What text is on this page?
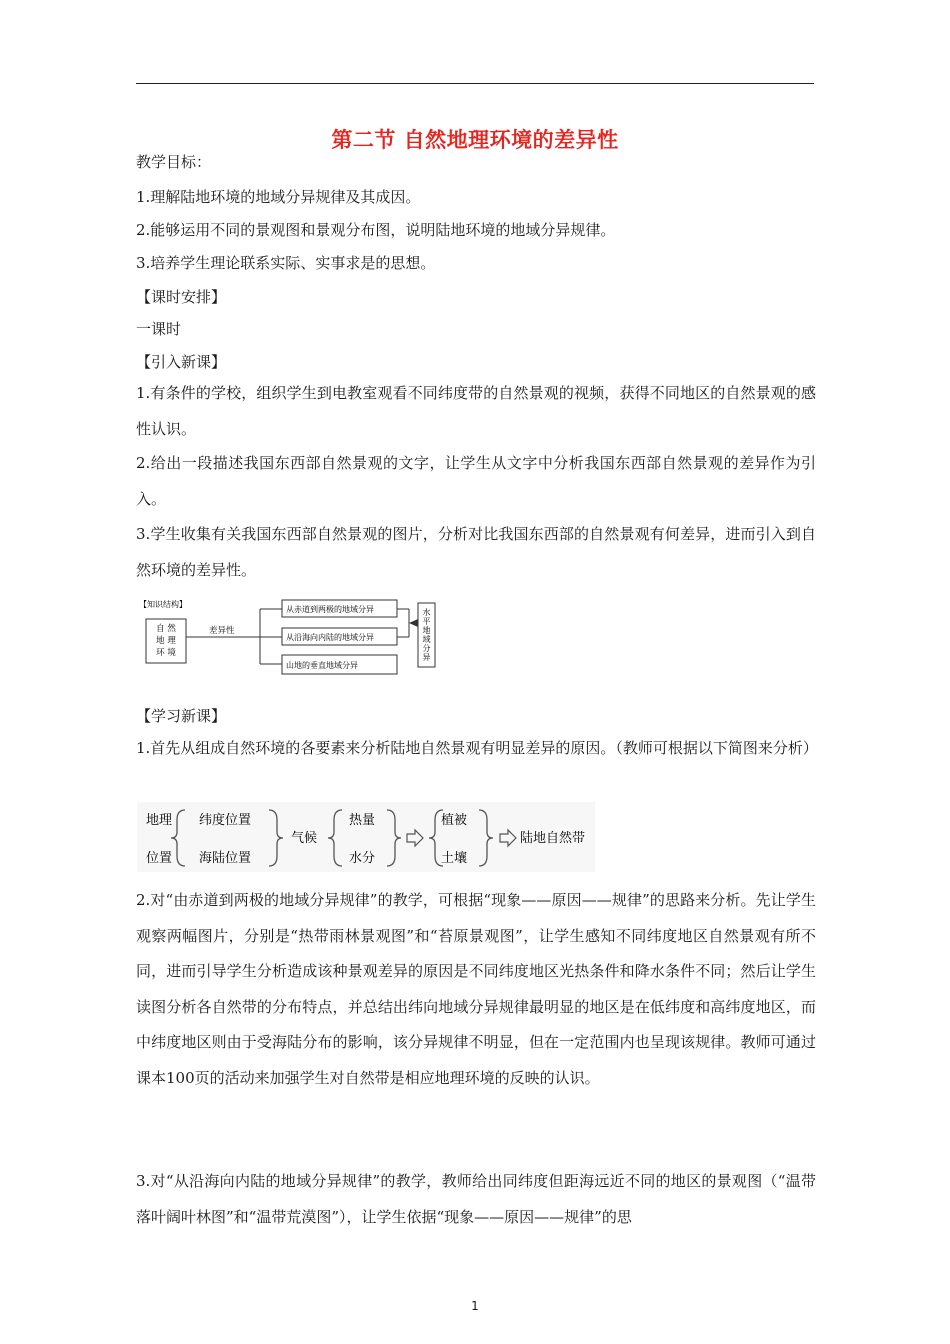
第二节 自然地理环境的差异性
教学目标：
1.理解陆地环境的地域分异规律及其成因。
2.能够运用不同的景观图和景观分布图，说明陆地环境的地域分异规律。
3.培养学生理论联系实际、实事求是的思想。
【课时安排】
一课时
【引入新课】
1.有条件的学校，组织学生到电教室观看不同纬度带的自然景观的视频，获得不同地区的自然景观的感性认识。
2.给出一段描述我国东西部自然景观的文字，让学生从文字中分析我国东西部自然景观的差异作为引入。
3.学生收集有关我国东西部自然景观的图片，分析对比我国东西部的自然景观有何差异，进而引入到自然环境的差异性。
【知识结构】
自 然
地 理
环 境
差异性
从赤道到两极的地域分异
从沿海向内陆的地域分异
山地的垂直地域分异
水
平
地
域
分
异
【学习新课】
1.首先从组成自然环境的各要素来分析陆地自然景观有明显差异的原因。（教师可根据以下简图来分析）
地理
位置
纬度位置
海陆位置
气候
热量
水分
植被
土壤
陆地自然带
2.对“由赤道到两极的地域分异规律”的教学，可根据“现象——原因——规律”的思路来分析。先让学生观察两幅图片，分别是“热带雨林景观图”和“苔原景观图”，让学生感知不同纬度地区自然景观有所不同，进而引导学生分析造成该种景观差异的原因是不同纬度地区光热条件和降水条件不同；然后让学生读图分析各自然带的分布特点，并总结出纬向地域分异规律最明显的地区是在低纬度和高纬度地区，而中纬度地区则由于受海陆分布的影响，该分异规律不明显，但在一定范围内也呈现该规律。教师可通过课本100页的活动来加强学生对自然带是相应地理环境的反映的认识。
3.对“从沿海向内陆的地域分异规律”的教学，教师给出同纬度但距海远近不同的地区的景观图（“温带落叶阔叶林图”和“温带荒漠图”），让学生依据“现象——原因——规律”的思
1
